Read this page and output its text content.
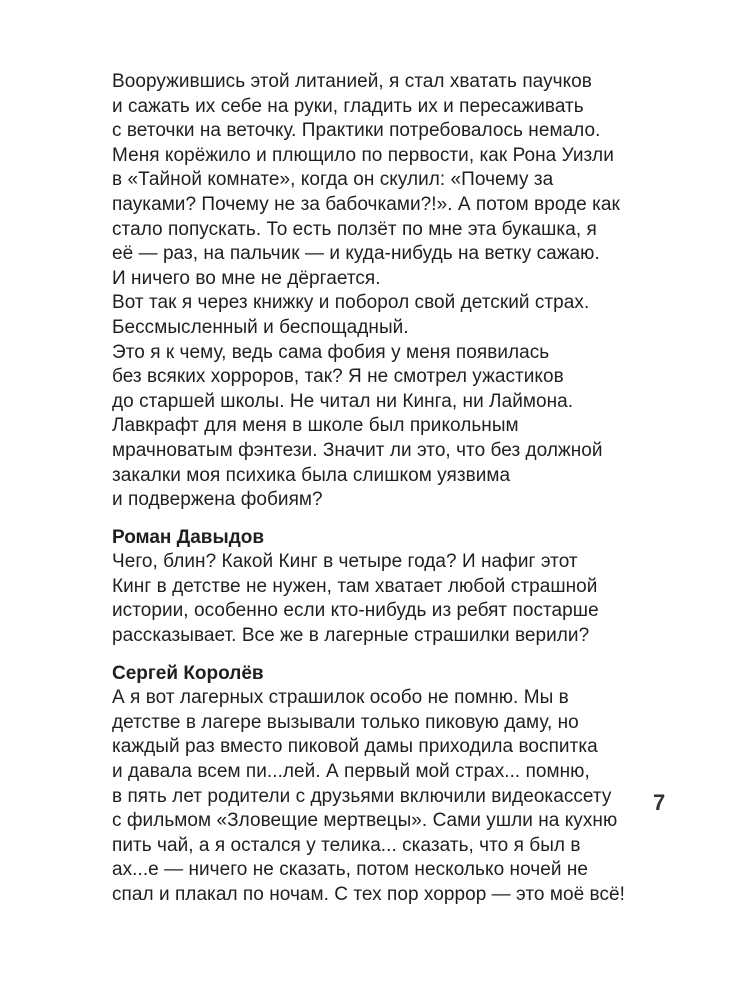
Вооружившись этой литанией, я стал хватать паучков
и сажать их себе на руки, гладить их и пересаживать
с веточки на веточку. Практики потребовалось немало.
Меня корёжило и плющило по первости, как Рона Уизли
в «Тайной комнате», когда он скулил: «Почему за
пауками? Почему не за бабочками?!». А потом вроде как
стало попускать. То есть ползёт по мне эта букашка, я
её — раз, на пальчик — и куда-нибудь на ветку сажаю.
И ничего во мне не дёргается.
Вот так я через книжку и поборол свой детский страх.
Бессмысленный и беспощадный.
Это я к чему, ведь сама фобия у меня появилась
без всяких хорроров, так? Я не смотрел ужастиков
до старшей школы. Не читал ни Кинга, ни Лаймона.
Лавкрафт для меня в школе был прикольным
мрачноватым фэнтези. Значит ли это, что без должной
закалки моя психика была слишком уязвима
и подвержена фобиям?
Роман Давыдов
Чего, блин? Какой Кинг в четыре года? И нафиг этот
Кинг в детстве не нужен, там хватает любой страшной
истории, особенно если кто-нибудь из ребят постарше
рассказывает. Все же в лагерные страшилки верили?
Сергей Королёв
А я вот лагерных страшилок особо не помню. Мы в
детстве в лагере вызывали только пиковую даму, но
каждый раз вместо пиковой дамы приходила воспитка
и давала всем пи...лей. А первый мой страх... помню,
в пять лет родители с друзьями включили видеокассету
с фильмом «Зловещие мертвецы». Сами ушли на кухню
пить чай, а я остался у телика... сказать, что я был в
ах...е — ничего не сказать, потом несколько ночей не
спал и плакал по ночам. С тех пор хоррор — это моё всё!
7
